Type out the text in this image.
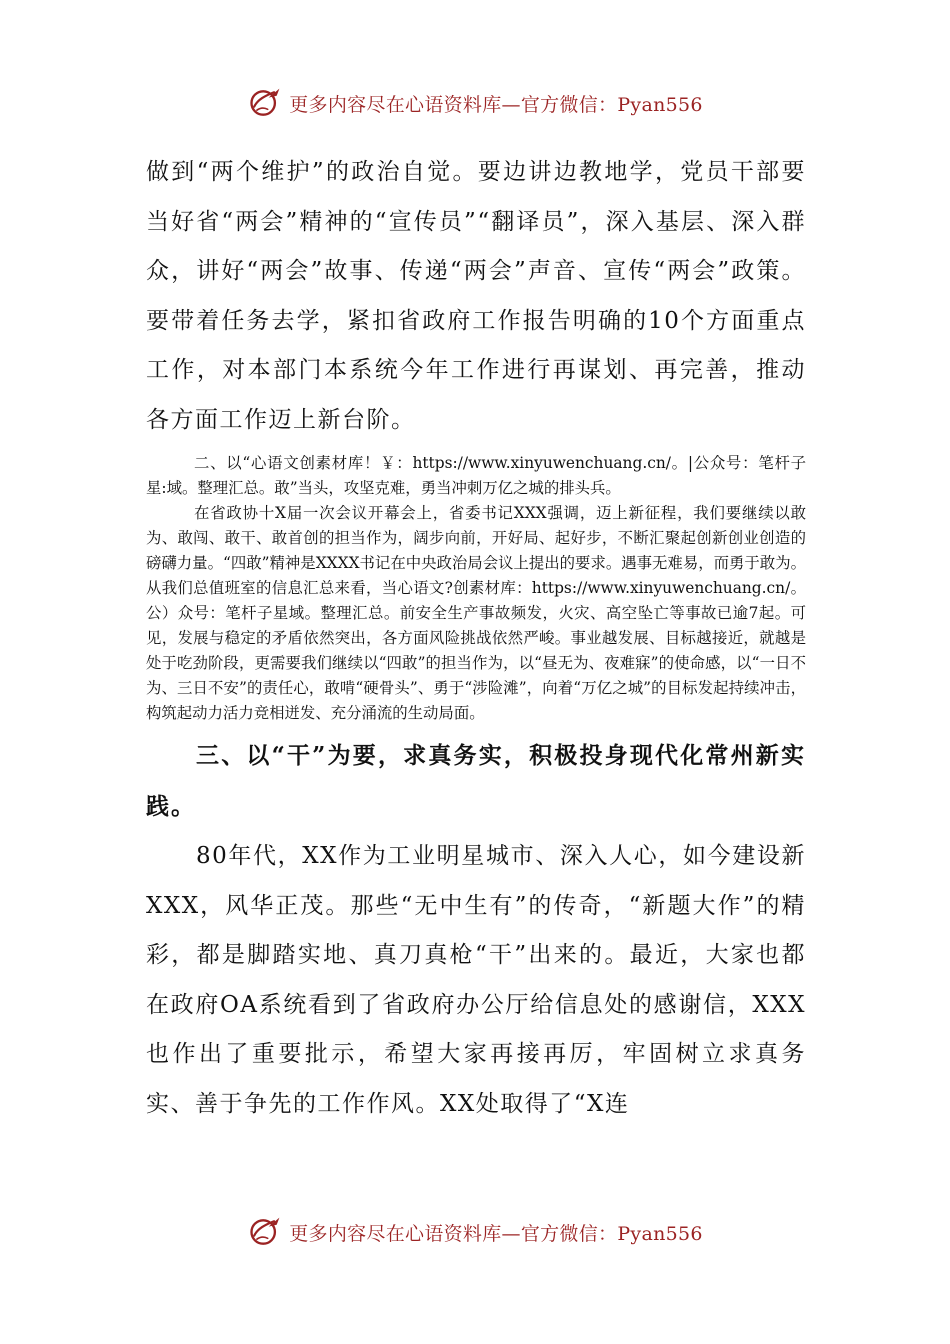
更多内容尽在心语资料库—官方微信：Pyan556

做到“两个维护”的政治自觉。要边讲边教地学，党员干部要当好省“两会”精神的“宣传员”“翻译员”，深入基层、深入群众，讲好“两会”故事、传递“两会”声音、宣传“两会”政策。要带着任务去学，紧扣省政府工作报告明确的10个方面重点工作，对本部门本系统今年工作进行再谋划、再完善，推动各方面工作迈上新台阶。

二、以“心语文创素材库！￥：https://www.xinyuwenchuang.cn/。|公众号：笔杆子星:域。整理汇总。敢”当头，攻坚克难，勇当冲刺万亿之城的排头兵。

在省政协十X届一次会议开幕会上，省委书记XXX强调，迈上新征程，我们要继续以敢为、敢闯、敢干、敢首创的担当作为，阔步向前，开好局、起好步，不断汇聚起创新创业创造的磅礴力量。“四敢”精神是XXXX书记在中央政治局会议上提出的要求。遇事无难易，而勇于敢为。从我们总值班室的信息汇总来看，当心语文?创素材库：https://www.xinyuwenchuang.cn/。公）众号：笔杆子星域。整理汇总。前安全生产事故频发，火灾、高空坠亡等事故已逾7起。可见，发展与稳定的矛盾依然突出，各方面风险挑战依然严峻。事业越发展、目标越接近，就越是处于吃劲阶段，更需要我们继续以“四敢”的担当作为，以“昼无为、夜难寐”的使命感，以“一日不为、三日不安”的责任心，敢啃“硬骨头”、勇于“涉险滩”，向着“万亿之城”的目标发起持续冲击，构筑起动力活力竞相迸发、充分涌流的生动局面。

三、以“干”为要，求真务实，积极投身现代化常州新实践。

80年代，XX作为工业明星城市、深入人心，如今建设新XXX，风华正茂。那些“无中生有”的传奇，“新题大作”的精彩，都是脚踏实地、真刀真枪“干”出来的。最近，大家也都在政府OA系统看到了省政府办公厅给信息处的感谢信，XXX也作出了重要批示，希望大家再接再厉，牢固树立求真务实、善于争先的工作作风。XX处取得了“X连

更多内容尽在心语资料库—官方微信：Pyan556
